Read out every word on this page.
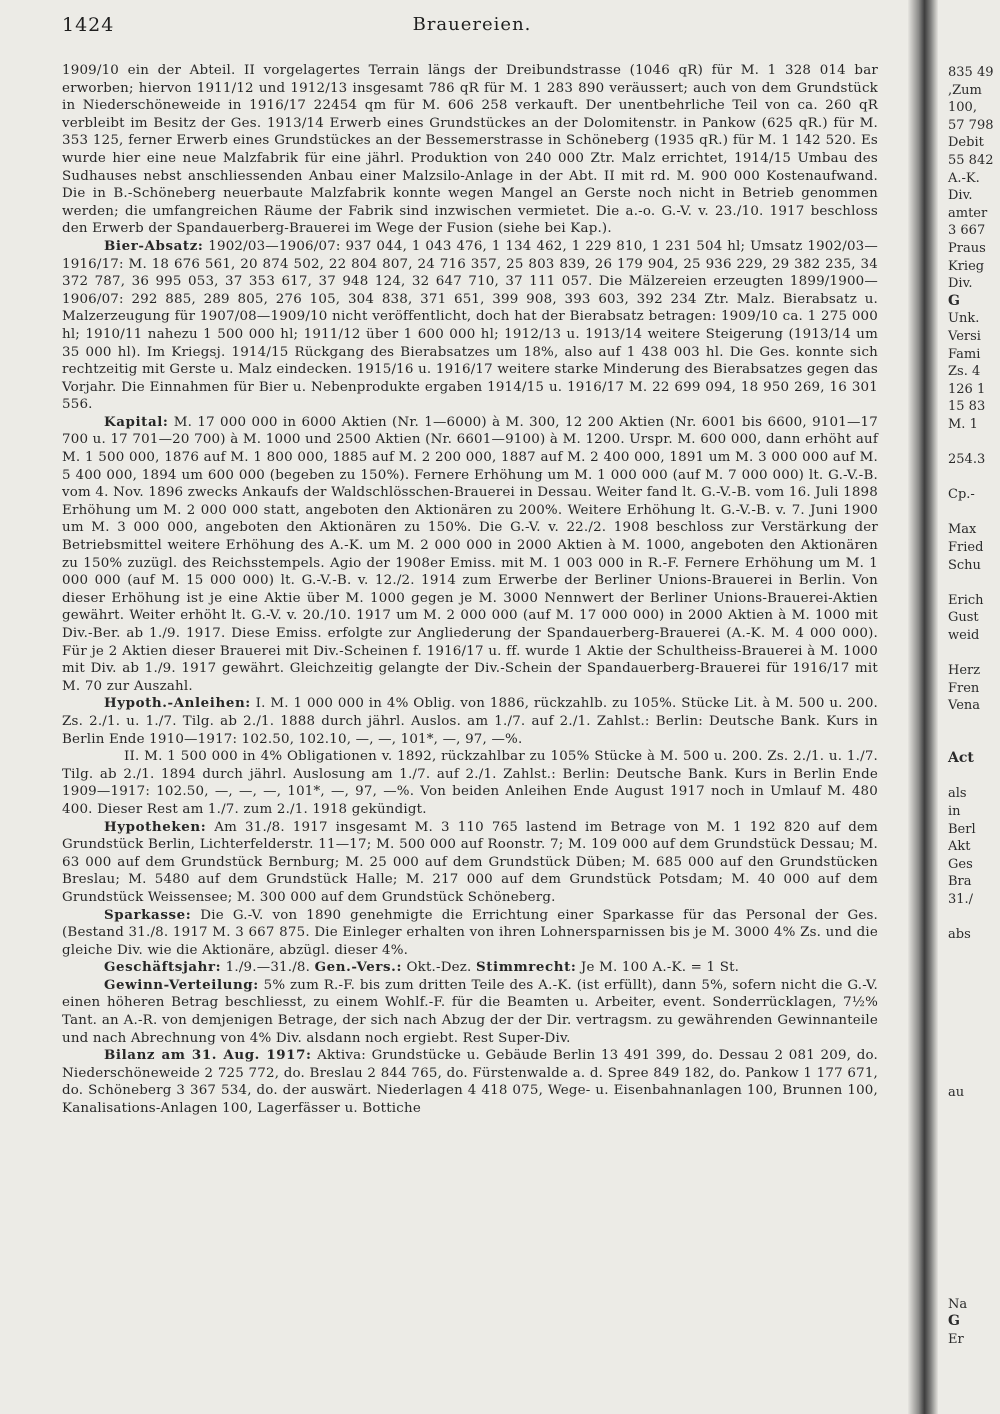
1424	Brauereien.

1909/10 ein der Abteil. II vorgelagertes Terrain längs der Dreibundstrasse (1046 qR) für M. 1 328 014 bar erworben; hiervon 1911/12 und 1912/13 insgesamt 786 qR für M. 1 283 890 veräussert; auch von dem Grundstück in Niederschöneweide in 1916/17 22454 qm für M. 606 258 verkauft. Der unentbehrliche Teil von ca. 260 qR verbleibt im Besitz der Ges. 1913/14 Erwerb eines Grundstückes an der Dolomitenstr. in Pankow (625 qR.) für M. 353 125, ferner Erwerb eines Grundstückes an der Bessemerstrasse in Schöneberg (1935 qR.) für M. 1 142 520. Es wurde hier eine neue Malzfabrik für eine jährl. Produktion von 240 000 Ztr. Malz errichtet, 1914/15 Umbau des Sudhauses nebst anschliessenden Anbau einer Malzsilo-Anlage in der Abt. II mit rd. M. 900 000 Kostenaufwand. Die in B.-Schöneberg neuerbaute Malzfabrik konnte wegen Mangel an Gerste noch nicht in Betrieb genommen werden; die umfangreichen Räume der Fabrik sind inzwischen vermietet. Die a.-o. G.-V. v. 23./10. 1917 beschloss den Erwerb der Spandauerberg-Brauerei im Wege der Fusion (siehe bei Kap.).

Bier-Absatz: 1902/03—1906/07: 937 044, 1 043 476, 1 134 462, 1 229 810, 1 231 504 hl; Umsatz 1902/03—1916/17: M. 18 676 561, 20 874 502, 22 804 807, 24 716 357, 25 803 839, 26 179 904, 25 936 229, 29 382 235, 34 372 787, 36 995 053, 37 353 617, 37 948 124, 32 647 710, 37 111 057. Die Mälzereien erzeugten 1899/1900—1906/07: 292 885, 289 805, 276 105, 304 838, 371 651, 399 908, 393 603, 392 234 Ztr. Malz. Bierabsatz u. Malzerzeugung für 1907/08—1909/10 nicht veröffentlicht, doch hat der Bierabsatz betragen: 1909/10 ca. 1 275 000 hl; 1910/11 nahezu 1 500 000 hl; 1911/12 über 1 600 000 hl; 1912/13 u. 1913/14 weitere Steigerung (1913/14 um 35 000 hl). Im Kriegsj. 1914/15 Rückgang des Bierabsatzes um 18%, also auf 1 438 003 hl. Die Ges. konnte sich rechtzeitig mit Gerste u. Malz eindecken. 1915/16 u. 1916/17 weitere starke Minderung des Bierabsatzes gegen das Vorjahr. Die Einnahmen für Bier u. Nebenprodukte ergaben 1914/15 u. 1916/17 M. 22 699 094, 18 950 269, 16 301 556.

Kapital: M. 17 000 000 in 6000 Aktien (Nr. 1—6000) à M. 300, 12 200 Aktien (Nr. 6001 bis 6600, 9101—17 700 u. 17 701—20 700) à M. 1000 und 2500 Aktien (Nr. 6601—9100) à M. 1200. Urspr. M. 600 000, dann erhöht auf M. 1 500 000, 1876 auf M. 1 800 000, 1885 auf M. 2 200 000, 1887 auf M. 2 400 000, 1891 um M. 3 000 000 auf M. 5 400 000, 1894 um 600 000 (begeben zu 150%). Fernere Erhöhung um M. 1 000 000 (auf M. 7 000 000) lt. G.-V.-B. vom 4. Nov. 1896 zwecks Ankaufs der Waldschlösschen-Brauerei in Dessau. Weiter fand lt. G.-V.-B. vom 16. Juli 1898 Erhöhung um M. 2 000 000 statt, angeboten den Aktionären zu 200%. Weitere Erhöhung lt. G.-V.-B. v. 7. Juni 1900 um M. 3 000 000, angeboten den Aktionären zu 150%. Die G.-V. v. 22./2. 1908 beschloss zur Verstärkung der Betriebsmittel weitere Erhöhung des A.-K. um M. 2 000 000 in 2000 Aktien à M. 1000, angeboten den Aktionären zu 150% zuzügl. des Reichsstempels. Agio der 1908er Emiss. mit M. 1 003 000 in R.-F. Fernere Erhöhung um M. 1 000 000 (auf M. 15 000 000) lt. G.-V.-B. v. 12./2. 1914 zum Erwerbe der Berliner Unions-Brauerei in Berlin. Von dieser Erhöhung ist je eine Aktie über M. 1000 gegen je M. 3000 Nennwert der Berliner Unions-Brauerei-Aktien gewährt. Weiter erhöht lt. G.-V. v. 20./10. 1917 um M. 2 000 000 (auf M. 17 000 000) in 2000 Aktien à M. 1000 mit Div.-Ber. ab 1./9. 1917. Diese Emiss. erfolgte zur Angliederung der Spandauerberg-Brauerei (A.-K. M. 4 000 000). Für je 2 Aktien dieser Brauerei mit Div.-Scheinen f. 1916/17 u. ff. wurde 1 Aktie der Schultheiss-Brauerei à M. 1000 mit Div. ab 1./9. 1917 gewährt. Gleichzeitig gelangte der Div.-Schein der Spandauerberg-Brauerei für 1916/17 mit M. 70 zur Auszahl.

Hypoth.-Anleihen: I. M. 1 000 000 in 4% Oblig. von 1886, rückzahlb. zu 105%. Stücke Lit. à M. 500 u. 200. Zs. 2./1. u. 1./7. Tilg. ab 2./1. 1888 durch jährl. Auslos. am 1./7. auf 2./1. Zahlst.: Berlin: Deutsche Bank. Kurs in Berlin Ende 1910—1917: 102.50, 102.10, —, —, 101*, —, 97, —%.

II. M. 1 500 000 in 4% Obligationen v. 1892, rückzahlbar zu 105% Stücke à M. 500 u. 200. Zs. 2./1. u. 1./7. Tilg. ab 2./1. 1894 durch jährl. Auslosung am 1./7. auf 2./1. Zahlst.: Berlin: Deutsche Bank. Kurs in Berlin Ende 1909—1917: 102.50, —, —, —, 101*, —, 97, —%. Von beiden Anleihen Ende August 1917 noch in Umlauf M. 480 400. Dieser Rest am 1./7. zum 2./1. 1918 gekündigt.

Hypotheken: Am 31./8. 1917 insgesamt M. 3 110 765 lastend im Betrage von M. 1 192 820 auf dem Grundstück Berlin, Lichterfelderstr. 11—17; M. 500 000 auf Roonstr. 7; M. 109 000 auf dem Grundstück Dessau; M. 63 000 auf dem Grundstück Bernburg; M. 25 000 auf dem Grundstück Düben; M. 685 000 auf den Grundstücken Breslau; M. 5480 auf dem Grundstück Halle; M. 217 000 auf dem Grundstück Potsdam; M. 40 000 auf dem Grundstück Weissensee; M. 300 000 auf dem Grundstück Schöneberg.

Sparkasse: Die G.-V. von 1890 genehmigte die Errichtung einer Sparkasse für das Personal der Ges. (Bestand 31./8. 1917 M. 3 667 875. Die Einleger erhalten von ihren Lohnersparnissen bis je M. 3000 4% Zs. und die gleiche Div. wie die Aktionäre, abzügl. dieser 4%.

Geschäftsjahr: 1./9.—31./8. Gen.-Vers.: Okt.-Dez. Stimmrecht: Je M. 100 A.-K. = 1 St.

Gewinn-Verteilung: 5% zum R.-F. bis zum dritten Teile des A.-K. (ist erfüllt), dann 5%, sofern nicht die G.-V. einen höheren Betrag beschliesst, zu einem Wohlf.-F. für die Beamten u. Arbeiter, event. Sonderrücklagen, 7½% Tant. an A.-R. von demjenigen Betrage, der sich nach Abzug der der Dir. vertragsm. zu gewährenden Gewinnanteile und nach Abrechnung von 4% Div. alsdann noch ergiebt. Rest Super-Div.

Bilanz am 31. Aug. 1917: Aktiva: Grundstücke u. Gebäude Berlin 13 491 399, do. Dessau 2 081 209, do. Niederschöneweide 2 725 772, do. Breslau 2 844 765, do. Fürstenwalde a. d. Spree 849 182, do. Pankow 1 177 671, do. Schöneberg 3 367 534, do. der auswärt. Niederlagen 4 418 075, Wege- u. Eisenbahnanlagen 100, Brunnen 100, Kanalisations-Anlagen 100, Lagerfässer u. Bottiche

835 49
,Zum
100,
57 798
Debit
55 842
A.-K.
Div.
amter
3 667
Praus
Krieg
Div.
G
Unk.
Versi
Fami
Zs. 4
126 1
15 83
M. 1
254.3
Cp.-
Max
Fried
Schu
Erich
Gust
weid
Herz
Fren
Vena
Act
als
in
Berl
Akt
Ges
Bra
31./
abs
au
Na
G
Er
